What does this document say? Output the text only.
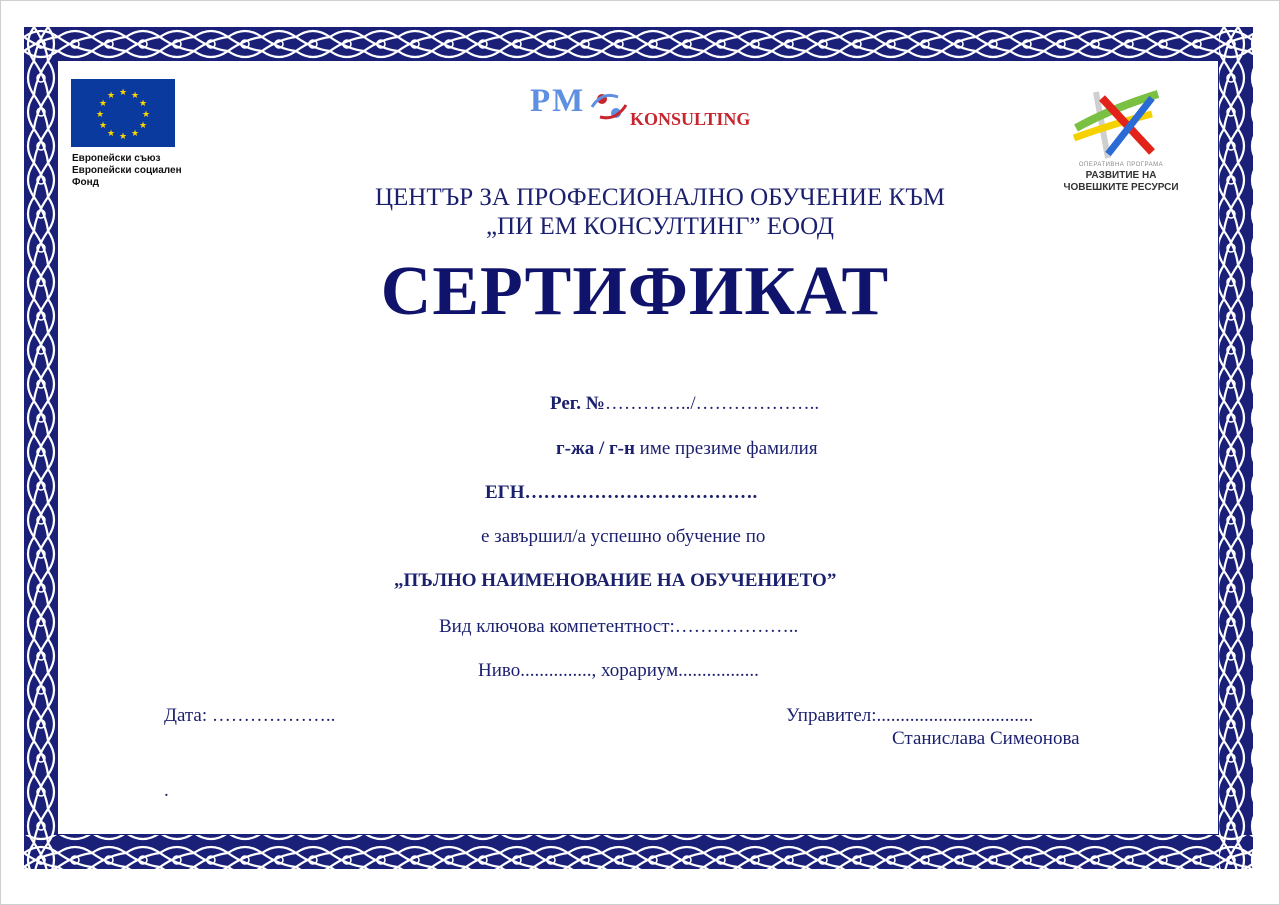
★ ★
★
★
★
★
★
★
★
★
★
★
Европейски съюз
Европейски социален
Фонд
PM KONSULTING
ОПЕРАТИВНА ПРОГРАМА
РАЗВИТИЕ НА
ЧОВЕШКИТЕ РЕСУРСИ
ЦЕНТЪР ЗА ПРОФЕСИОНАЛНО ОБУЧЕНИЕ КЪМ
„ПИ ЕМ КОНСУЛТИНГ” ЕООД
СЕРТИФИКАТ
Рег. №…………../………………..
г-жа / г-н име презиме фамилия
ЕГН……………………………….
е завършил/а успешно обучение по
„ПЪЛНО НАИМЕНОВАНИЕ НА ОБУЧЕНИЕТО”
Вид ключова компетентност:………………..
Ниво..............., хорариум.................
Дата: ………………..	Управител:.................................
Станислава Симеонова
.
